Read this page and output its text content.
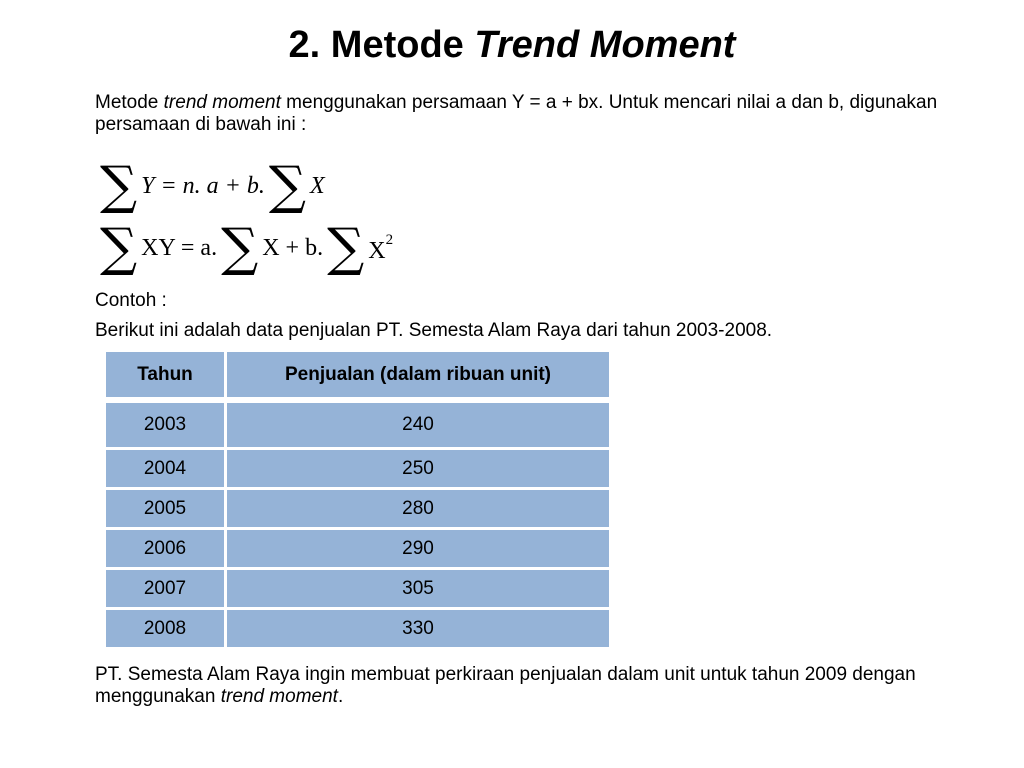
2. Metode Trend Moment
Metode trend moment menggunakan persamaan Y = a + bx. Untuk mencari nilai a dan b, digunakan persamaan di bawah ini :
∑ Y = n. a + b. ∑ X
∑ XY = a. ∑ X + b. ∑ $X^2$
Contoh :
Berikut ini adalah data penjualan PT. Semesta Alam Raya dari tahun 2003-2008.
Tahun	Penjualan (dalam ribuan unit)
2003	240
2004	250
2005	280
2006	290
2007	305
2008	330
PT. Semesta Alam Raya ingin membuat perkiraan penjualan dalam unit untuk tahun 2009 dengan menggunakan trend moment.
